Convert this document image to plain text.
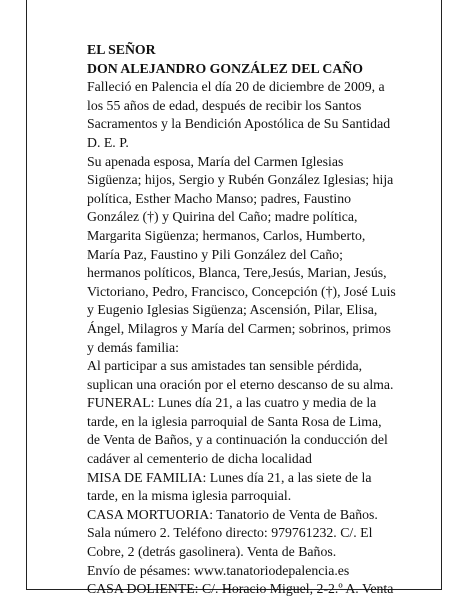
EL SEÑOR
DON ALEJANDRO GONZÁLEZ DEL CAÑO
Falleció en Palencia el día 20 de diciembre de 2009, a
los 55 años de edad, después de recibir los Santos
Sacramentos y la Bendición Apostólica de Su Santidad
D. E. P.
Su apenada esposa, María del Carmen Iglesias
Sigüenza; hijos, Sergio y Rubén González Iglesias; hija
política, Esther Macho Manso; padres, Faustino
González (†) y Quirina del Caño; madre política,
Margarita Sigüenza; hermanos, Carlos, Humberto,
María Paz, Faustino y Pili González del Caño;
hermanos políticos, Blanca, Tere,Jesús, Marian, Jesús,
Victoriano, Pedro, Francisco, Concepción (†), José Luis
y Eugenio Iglesias Sigüenza; Ascensión, Pilar, Elisa,
Ángel, Milagros y María del Carmen; sobrinos, primos
y demás familia:
Al participar a sus amistades tan sensible pérdida,
suplican una oración por el eterno descanso de su alma.
FUNERAL: Lunes día 21, a las cuatro y media de la
tarde, en la iglesia parroquial de Santa Rosa de Lima,
de Venta de Baños, y a continuación la conducción del
cadáver al cementerio de dicha localidad
MISA DE FAMILIA: Lunes día 21, a las siete de la
tarde, en la misma iglesia parroquial.
CASA MORTUORIA: Tanatorio de Venta de Baños.
Sala número 2. Teléfono directo: 979761232. C/. El
Cobre, 2 (detrás gasolinera). Venta de Baños.
Envío de pésames: www.tanatoriodepalencia.es
CASA DOLIENTE: C/. Horacio Miguel, 2-2.º A. Venta
